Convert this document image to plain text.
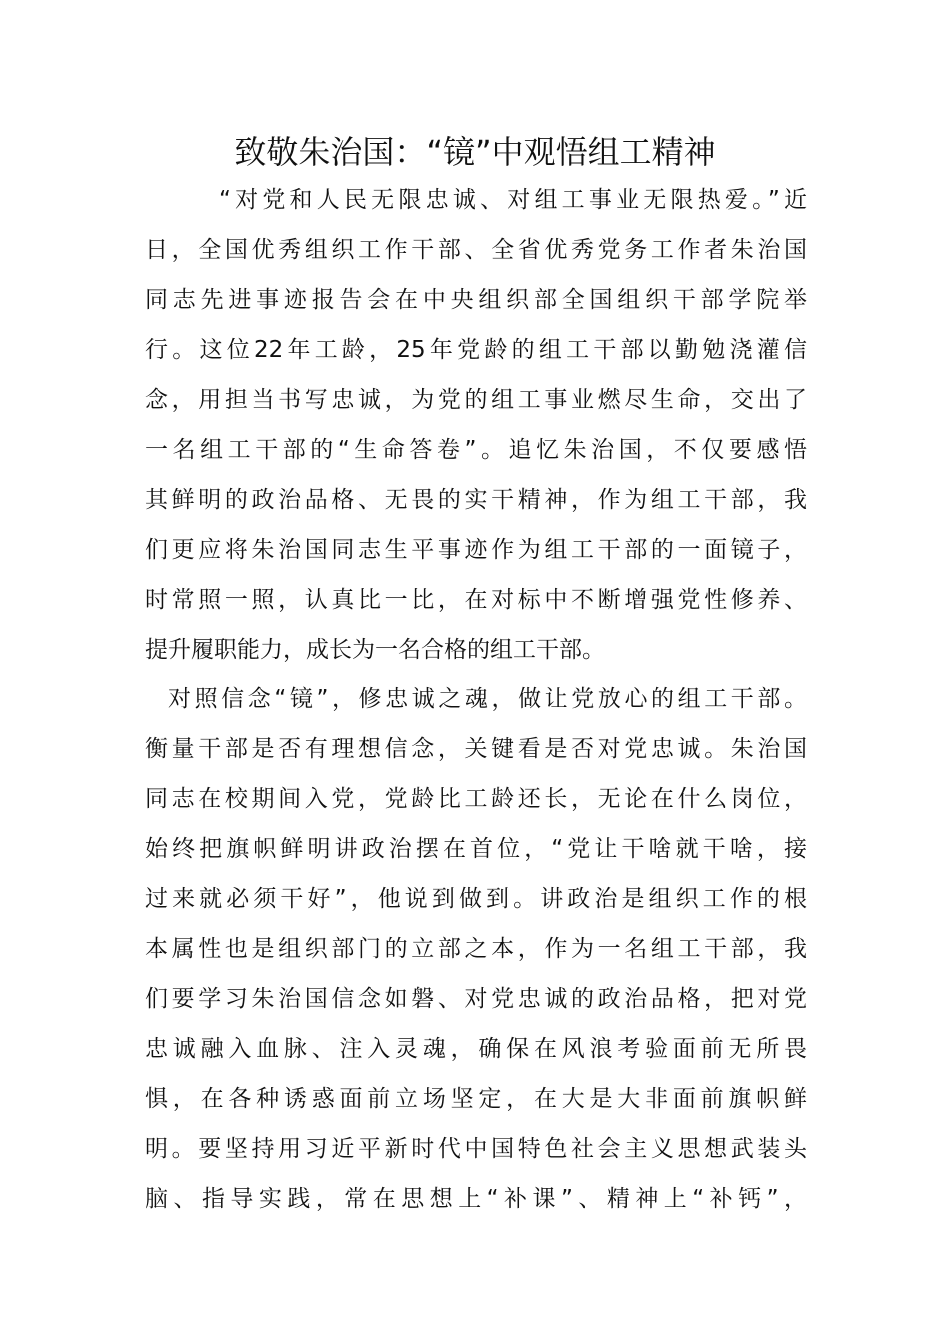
致敬朱治国：“镜”中观悟组工精神
“对党和人民无限忠诚、对组工事业无限热爱。”近
日，全国优秀组织工作干部、全省优秀党务工作者朱治国
同志先进事迹报告会在中央组织部全国组织干部学院举
行。这位22年工龄，25年党龄的组工干部以勤勉浇灌信
念，用担当书写忠诚，为党的组工事业燃尽生命，交出了
一名组工干部的“生命答卷”。追忆朱治国，不仅要感悟
其鲜明的政治品格、无畏的实干精神，作为组工干部，我
们更应将朱治国同志生平事迹作为组工干部的一面镜子，
时常照一照，认真比一比，在对标中不断增强党性修养、
提升履职能力，成长为一名合格的组工干部。
对照信念“镜”，修忠诚之魂，做让党放心的组工干部。
衡量干部是否有理想信念，关键看是否对党忠诚。朱治国
同志在校期间入党，党龄比工龄还长，无论在什么岗位，
始终把旗帜鲜明讲政治摆在首位，“党让干啥就干啥，接
过来就必须干好”，他说到做到。讲政治是组织工作的根
本属性也是组织部门的立部之本，作为一名组工干部，我
们要学习朱治国信念如磐、对党忠诚的政治品格，把对党
忠诚融入血脉、注入灵魂，确保在风浪考验面前无所畏
惧，在各种诱惑面前立场坚定，在大是大非面前旗帜鲜
明。要坚持用习近平新时代中国特色社会主义思想武装头
脑、指导实践，常在思想上“补课”、精神上“补钙”，
